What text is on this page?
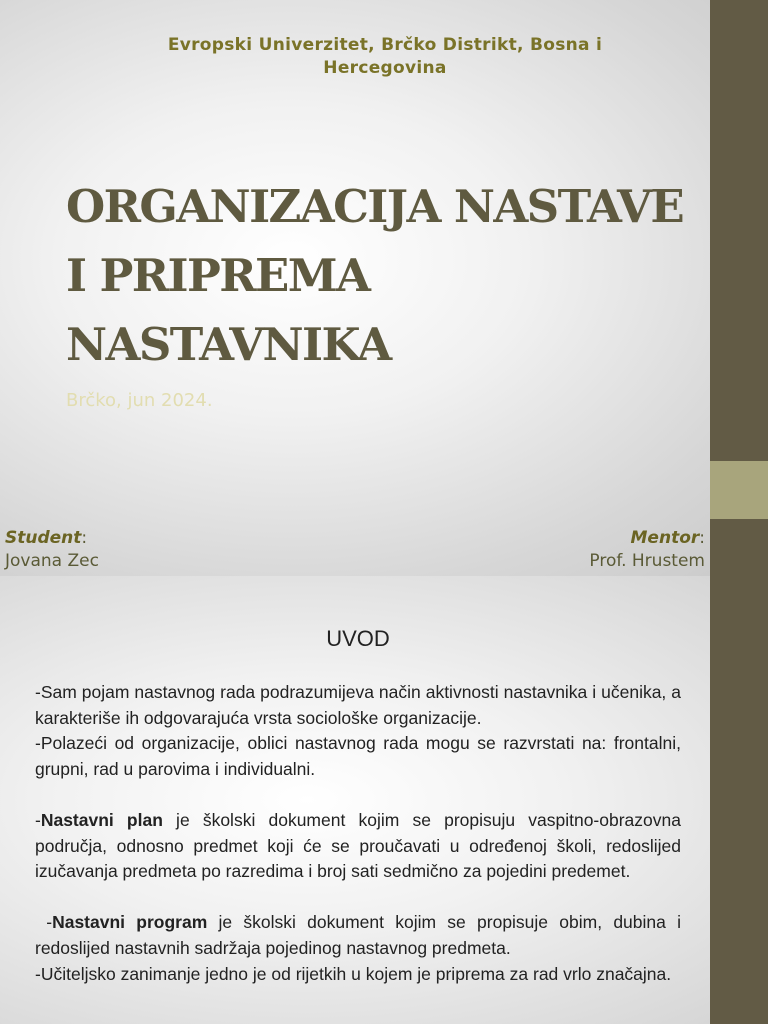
Evropski Univerzitet, Brčko Distrikt, Bosna i Hercegovina
ORGANIZACIJA NASTAVE
I PRIPREMA
NASTAVNIKA
Brčko, jun 2024.
Student:
Jovana Zec
Mentor:
Prof. Hrustem
UVOD

-Sam pojam nastavnog rada podrazumijeva način aktivnosti nastavnika i učenika, a karakteriše ih odgovarajuća vrsta sociološke organizacije.

-Polazeći od organizacije, oblici nastavnog rada mogu se razvrstati na: frontalni, grupni, rad u parovima i individualni.

-Nastavni plan je školski dokument kojim se propisuju vaspitno-obrazovna područja, odnosno predmet koji će se proučavati u određenoj školi, redoslijed izučavanja predmeta po razredima i broj sati sedmično za pojedini predemet.

-Nastavni program je školski dokument kojim se propisuje obim, dubina i redoslijed nastavnih sadržaja pojedinog nastavnog predmeta.

-Učiteljsko zanimanje jedno je od rijetkih u kojem je priprema za rad vrlo značajna.
